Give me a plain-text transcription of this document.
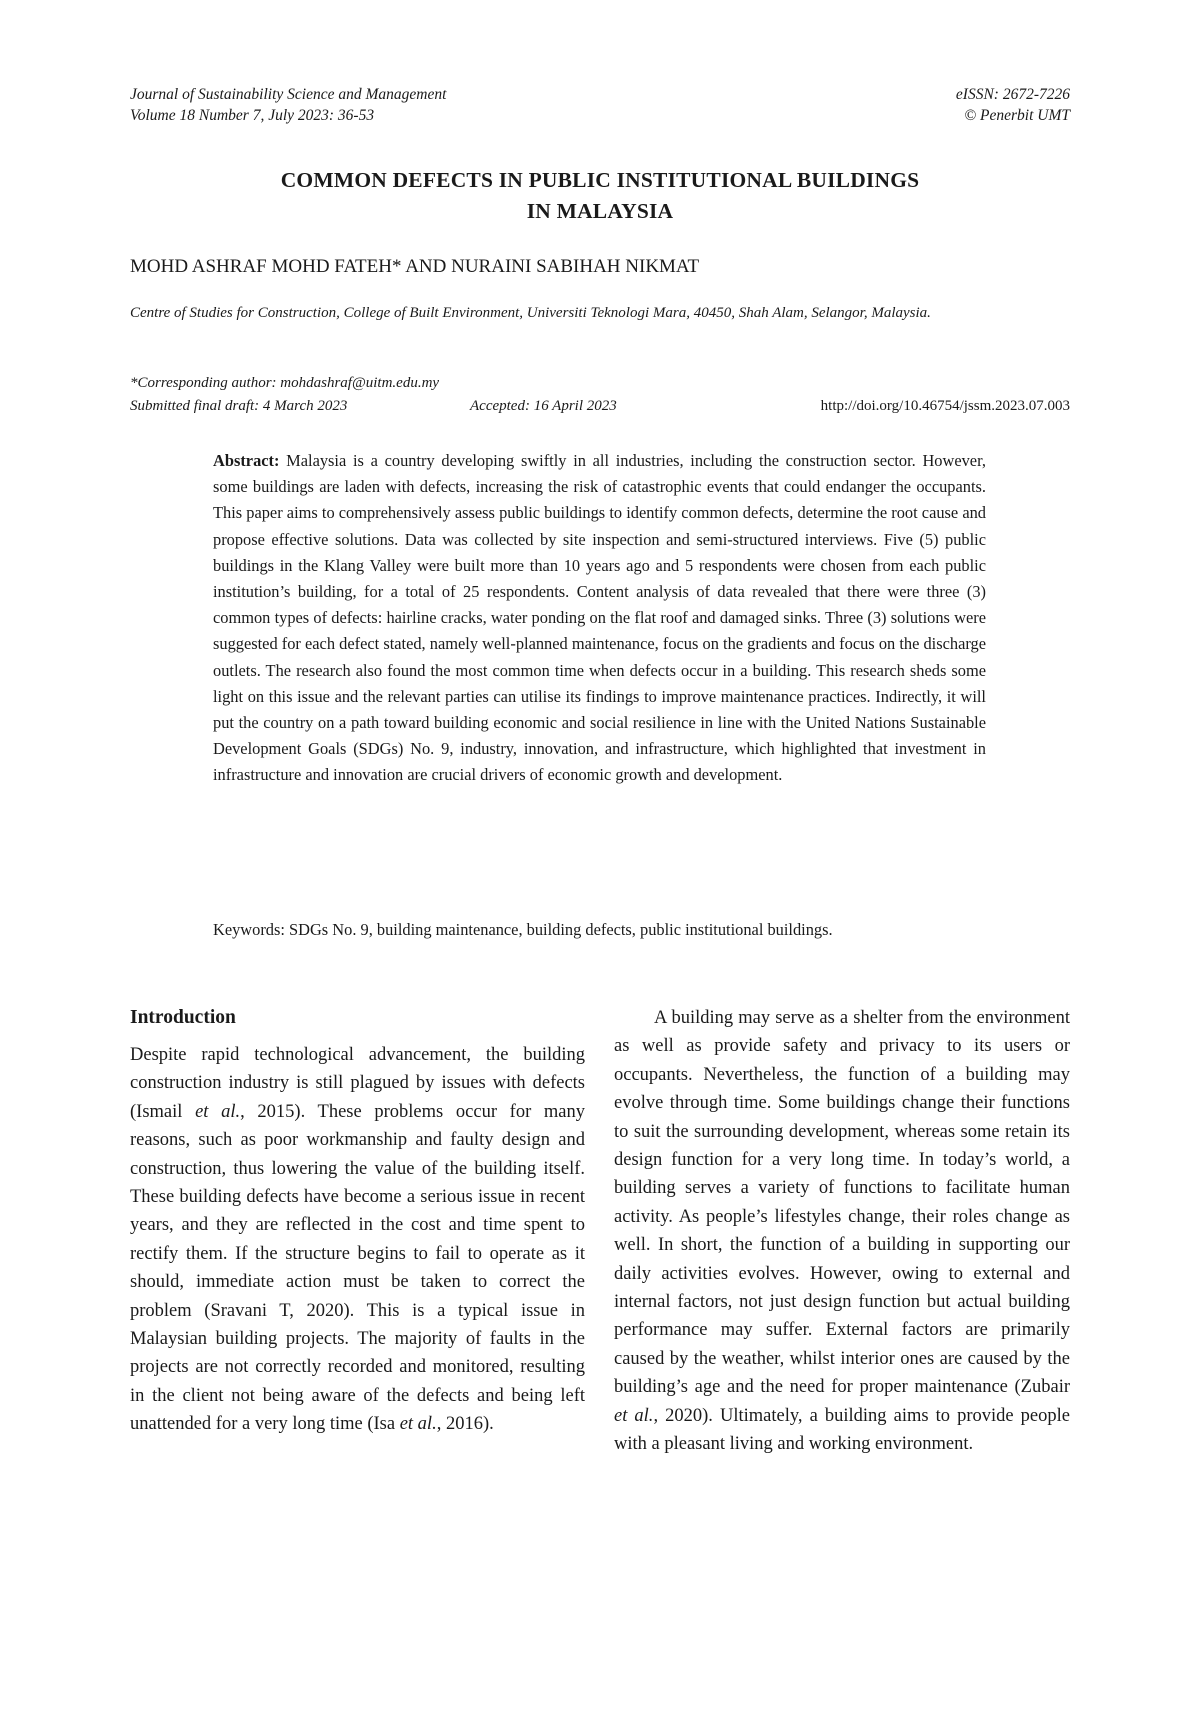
Journal of Sustainability Science and Management
Volume 18 Number 7, July 2023: 36-53
eISSN: 2672-7226
© Penerbit UMT
COMMON DEFECTS IN PUBLIC INSTITUTIONAL BUILDINGS
IN MALAYSIA
MOHD ASHRAF MOHD FATEH* AND NURAINI SABIHAH NIKMAT
Centre of Studies for Construction, College of Built Environment, Universiti Teknologi Mara, 40450, Shah Alam, Selangor, Malaysia.
*Corresponding author: mohdashraf@uitm.edu.my
Submitted final draft: 4 March 2023	Accepted: 16 April 2023	http://doi.org/10.46754/jssm.2023.07.003
Abstract: Malaysia is a country developing swiftly in all industries, including the construction sector. However, some buildings are laden with defects, increasing the risk of catastrophic events that could endanger the occupants. This paper aims to comprehensively assess public buildings to identify common defects, determine the root cause and propose effective solutions. Data was collected by site inspection and semi-structured interviews. Five (5) public buildings in the Klang Valley were built more than 10 years ago and 5 respondents were chosen from each public institution’s building, for a total of 25 respondents. Content analysis of data revealed that there were three (3) common types of defects: hairline cracks, water ponding on the flat roof and damaged sinks. Three (3) solutions were suggested for each defect stated, namely well-planned maintenance, focus on the gradients and focus on the discharge outlets. The research also found the most common time when defects occur in a building. This research sheds some light on this issue and the relevant parties can utilise its findings to improve maintenance practices. Indirectly, it will put the country on a path toward building economic and social resilience in line with the United Nations Sustainable Development Goals (SDGs) No. 9, industry, innovation, and infrastructure, which highlighted that investment in infrastructure and innovation are crucial drivers of economic growth and development.
Keywords: SDGs No. 9, building maintenance, building defects, public institutional buildings.
Introduction

Despite rapid technological advancement, the building construction industry is still plagued by issues with defects (Ismail et al., 2015). These problems occur for many reasons, such as poor workmanship and faulty design and construction, thus lowering the value of the building itself. These building defects have become a serious issue in recent years, and they are reflected in the cost and time spent to rectify them. If the structure begins to fail to operate as it should, immediate action must be taken to correct the problem (Sravani T, 2020). This is a typical issue in Malaysian building projects. The majority of faults in the projects are not correctly recorded and monitored, resulting in the client not being aware of the defects and being left unattended for a very long time (Isa et al., 2016).

A building may serve as a shelter from the environment as well as provide safety and privacy to its users or occupants. Nevertheless, the function of a building may evolve through time. Some buildings change their functions to suit the surrounding development, whereas some retain its design function for a very long time. In today’s world, a building serves a variety of functions to facilitate human activity. As people’s lifestyles change, their roles change as well. In short, the function of a building in supporting our daily activities evolves. However, owing to external and internal factors, not just design function but actual building performance may suffer. External factors are primarily caused by the weather, whilst interior ones are caused by the building’s age and the need for proper maintenance (Zubair et al., 2020). Ultimately, a building aims to provide people with a pleasant living and working environment.
